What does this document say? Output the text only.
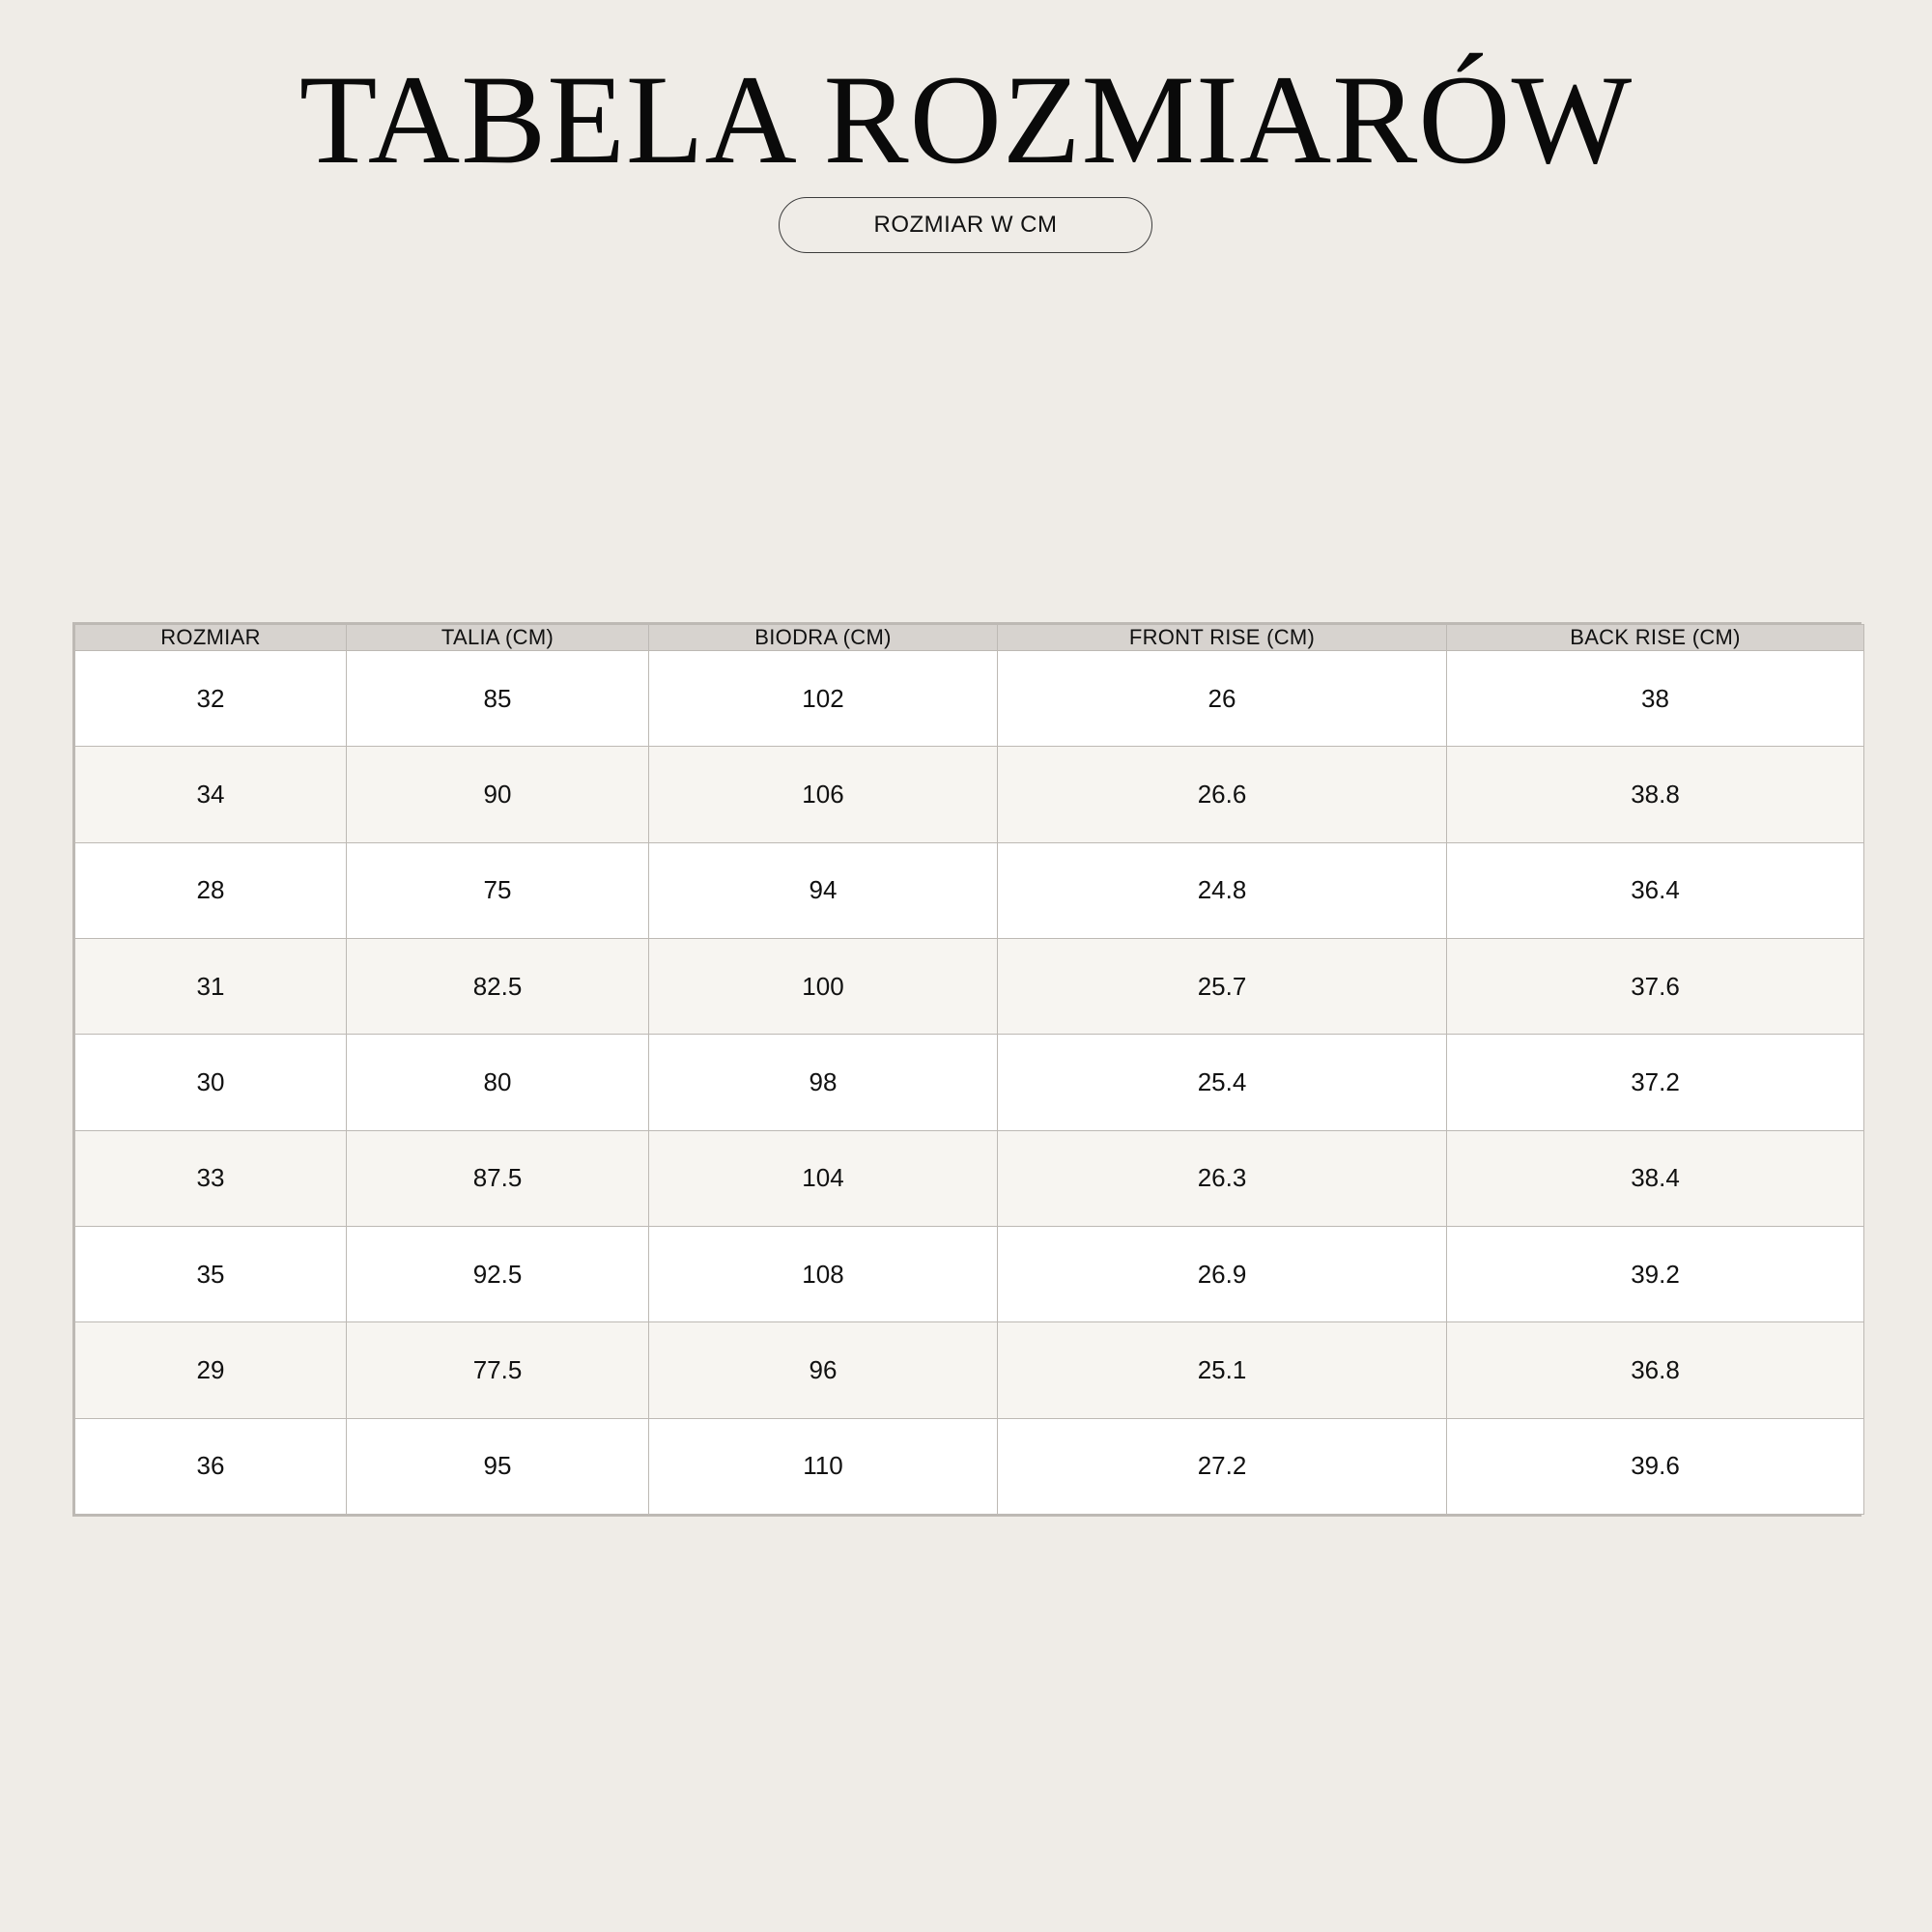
TABELA ROZMIARÓW
ROZMIAR W CM
ROZMIAR	TALIA (CM)	BIODRA (CM)	FRONT RISE (CM)	BACK RISE (CM)
32	85	102	26	38
34	90	106	26.6	38.8
28	75	94	24.8	36.4
31	82.5	100	25.7	37.6
30	80	98	25.4	37.2
33	87.5	104	26.3	38.4
35	92.5	108	26.9	39.2
29	77.5	96	25.1	36.8
36	95	110	27.2	39.6
